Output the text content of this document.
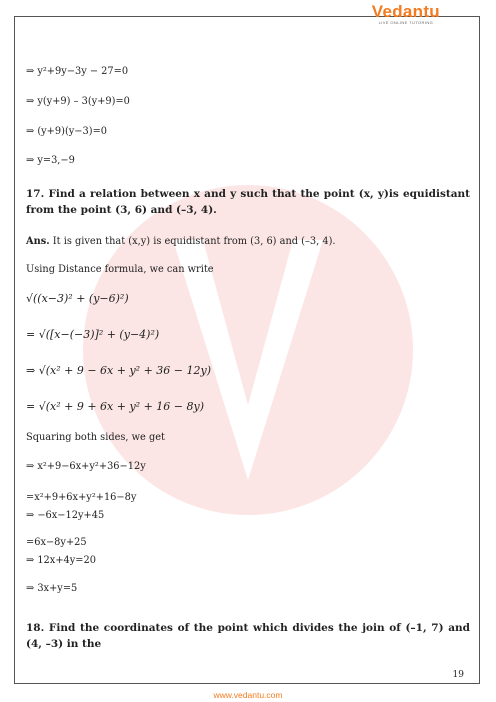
Vedantu
LIVE ONLINE TUTORING
⇒ y²+9y−3y − 27=0
⇒ y(y+9) – 3(y+9)=0
⇒ (y+9)(y−3)=0
⇒ y=3,−9
17. Find a relation between x and y such that the point (x, y)is equidistant from the point (3, 6) and (–3, 4).
Ans. It is given that (x,y) is equidistant from (3, 6) and (–3, 4).
Using Distance formula, we can write
√((x−3)² + (y−6)²)
= √([x−(−3)]² + (y−4)²)
⇒ √(x² + 9 − 6x + y² + 36 − 12y)
= √(x² + 9 + 6x + y² + 16 − 8y)
Squaring both sides, we get
⇒ x²+9−6x+y²+36−12y
=x²+9+6x+y²+16−8y
⇒ −6x−12y+45
=6x−8y+25
⇒ 12x+4y=20
⇒ 3x+y=5
18. Find the coordinates of the point which divides the join of (–1, 7) and (4, –3) in the
19
www.vedantu.com
